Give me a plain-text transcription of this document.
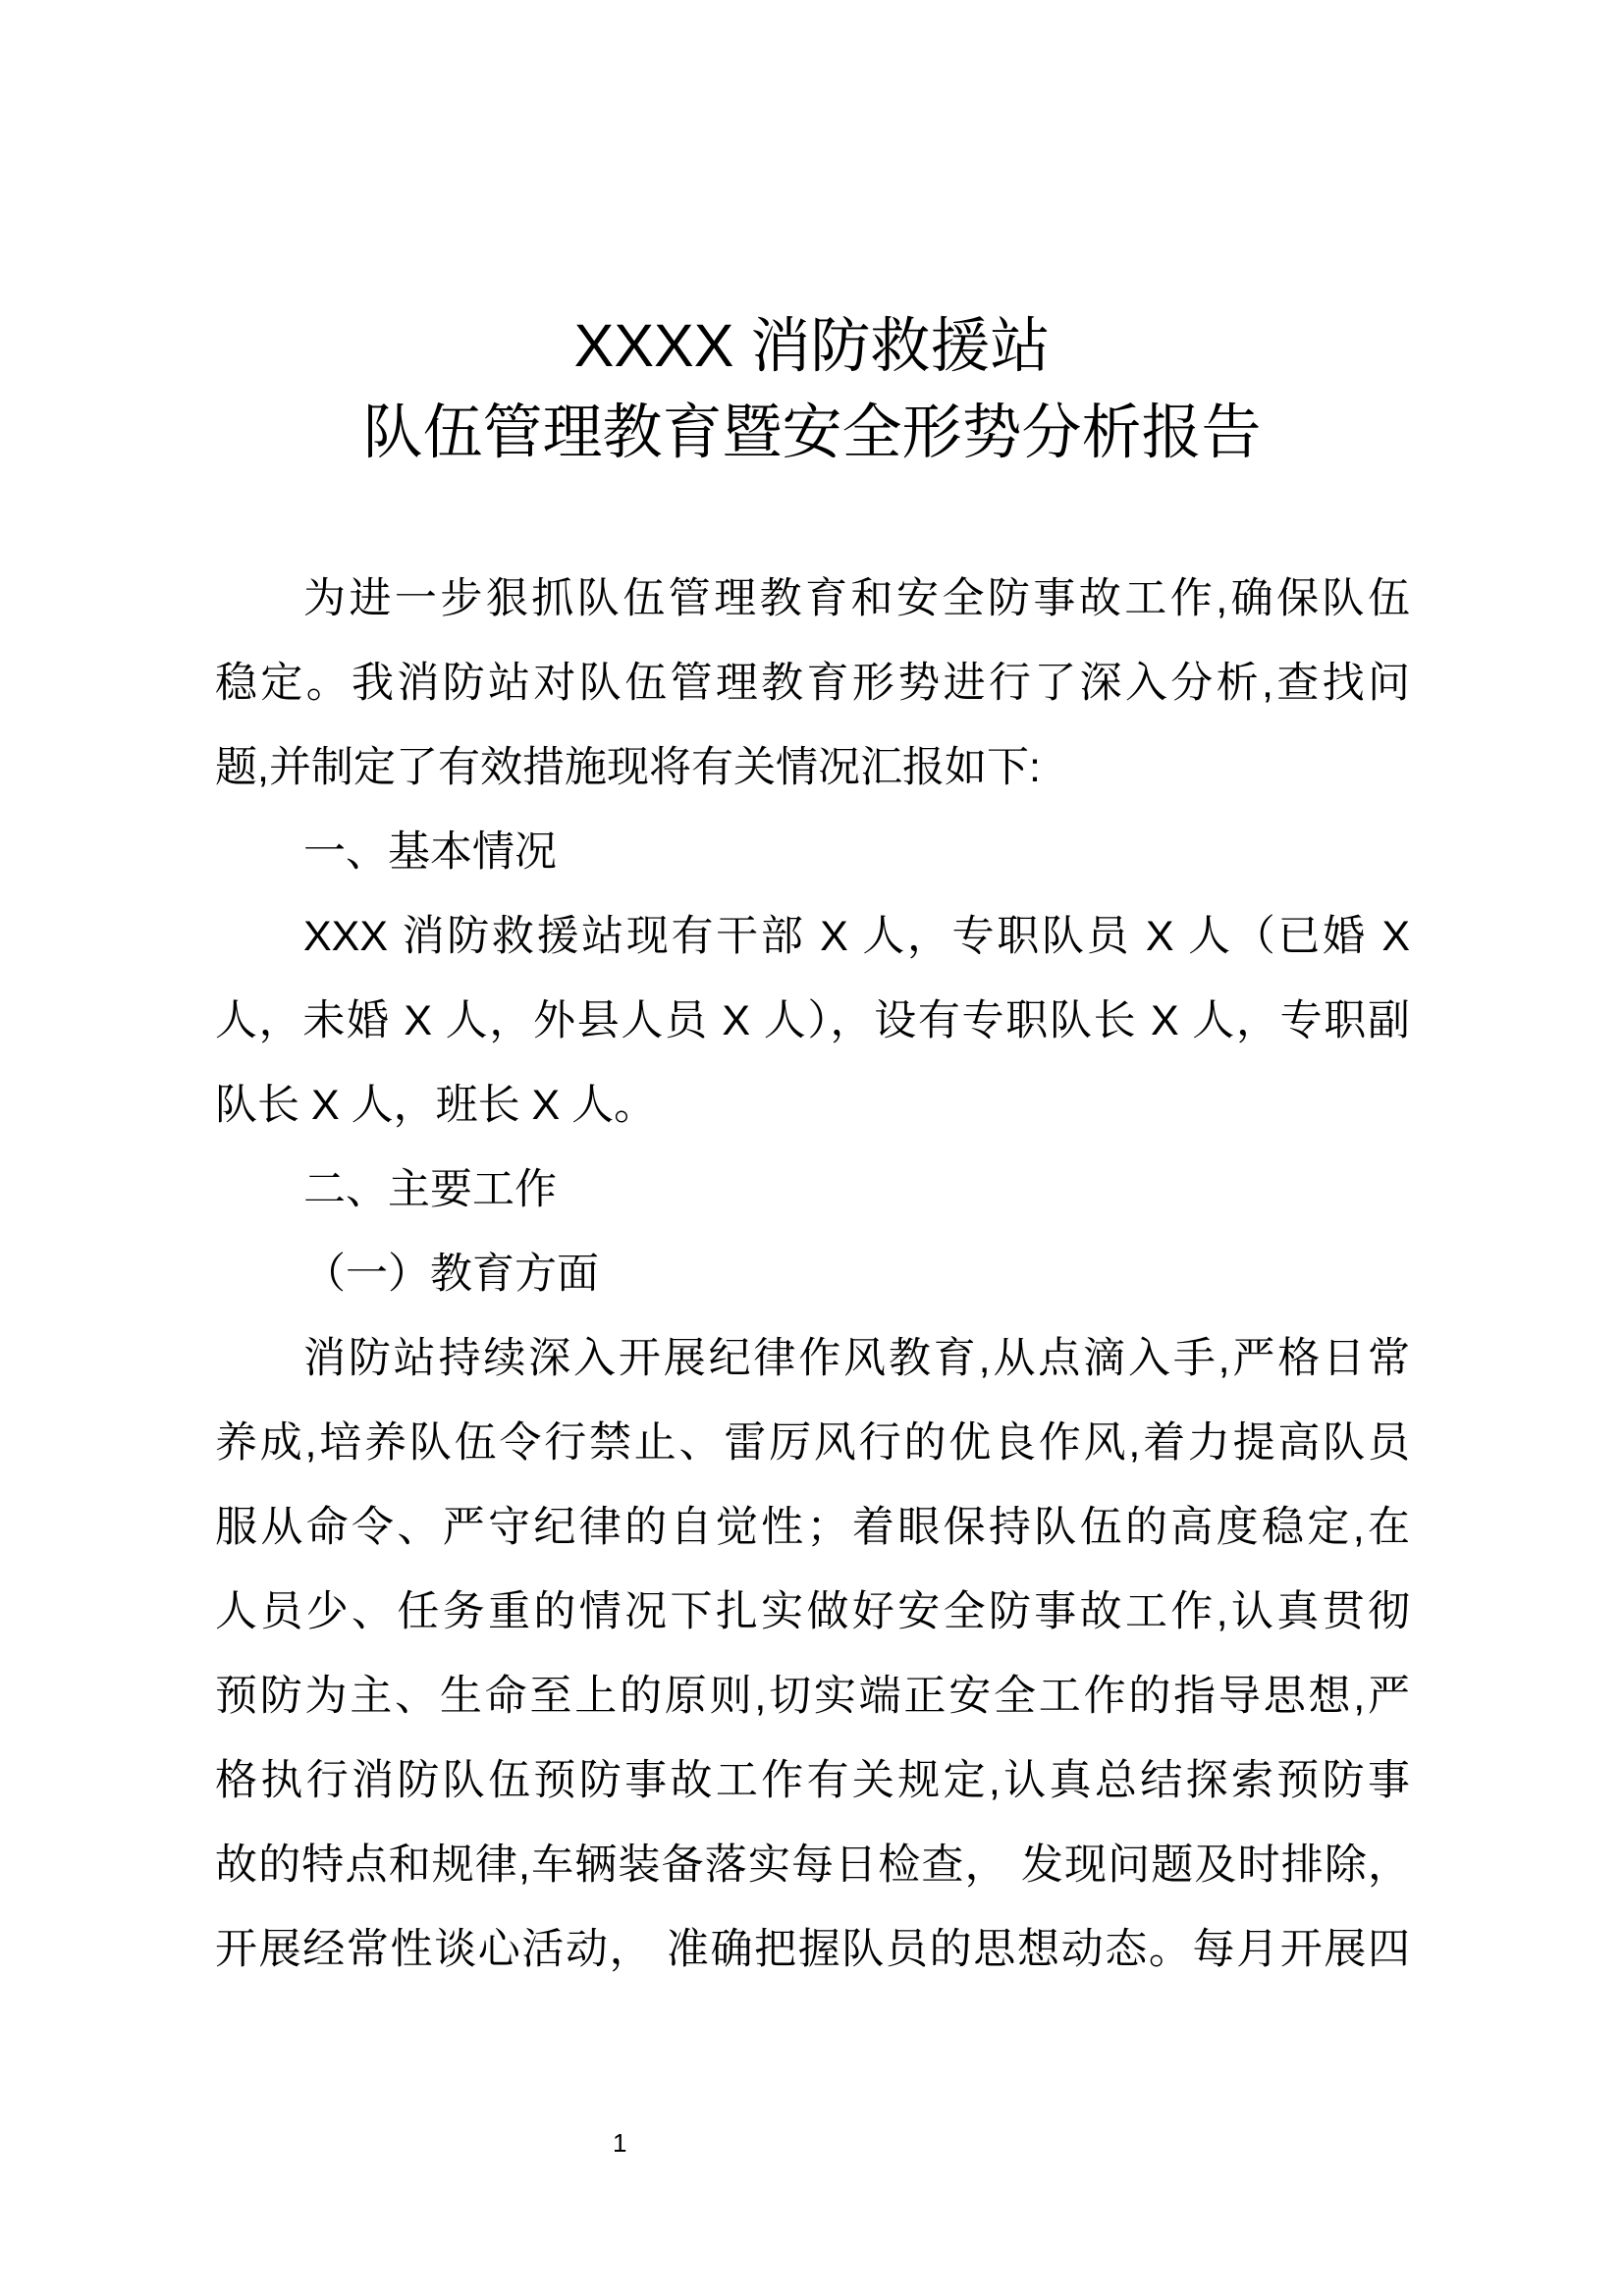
XXXX 消防救援站
队伍管理教育暨安全形势分析报告
为进一步狠抓队伍管理教育和安全防事故工作,确保队伍
稳定。我消防站对队伍管理教育形势进行了深入分析,查找问
题,并制定了有效措施现将有关情况汇报如下:
一、基本情况
XXX 消防救援站现有干部 X 人，专职队员 X 人（已婚 X
人，未婚 X 人，外县人员 X 人），设有专职队长 X 人，专职副
队长 X 人，班长 X 人。
二、主要工作
（一）教育方面
消防站持续深入开展纪律作风教育,从点滴入手,严格日常
养成,培养队伍令行禁止、雷厉风行的优良作风,着力提高队员
服从命令、严守纪律的自觉性；着眼保持队伍的高度稳定,在
人员少、任务重的情况下扎实做好安全防事故工作,认真贯彻
预防为主、生命至上的原则,切实端正安全工作的指导思想,严
格执行消防队伍预防事故工作有关规定,认真总结探索预防事
故的特点和规律,车辆装备落实每日检查， 发现问题及时排除，
开展经常性谈心活动， 准确把握队员的思想动态。每月开展四
1
